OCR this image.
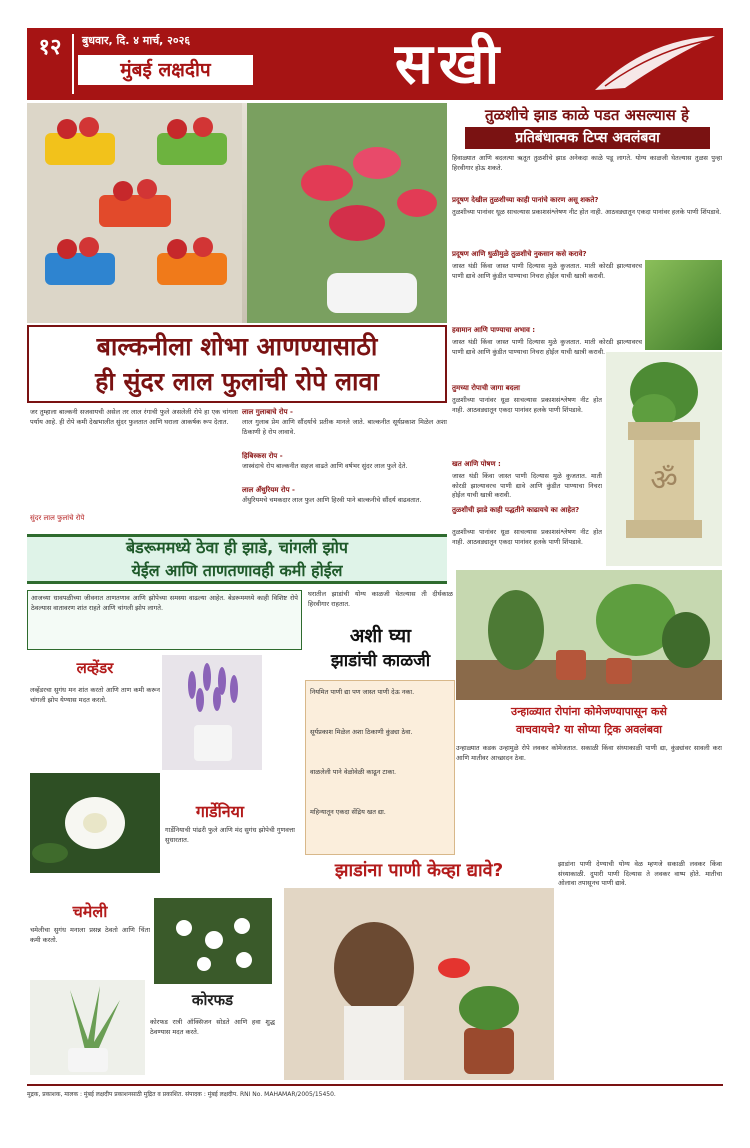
१२	बुधवार, दि. ४ मार्च, २०२६
मुंबई लक्षदीप	सखी
बाल्कनीला शोभा आणण्यासाठी
ही सुंदर लाल फुलांची रोपे लावा
जर तुम्हाला बाल्कनी सजवायची असेल तर लाल रंगाची फुले असलेली रोपे हा एक चांगला पर्याय आहे. ही रोपे कमी देखभालीत सुंदर फुलतात आणि घराला आकर्षक रूप देतात.
सुंदर लाल फुलांचे रोपे
लाल गुलाबाचे रोप -
लाल गुलाब प्रेम आणि सौंदर्याचे प्रतीक मानले जाते. बाल्कनीत सूर्यप्रकाश मिळेल अशा ठिकाणी हे रोप लावावे.
हिबिस्कस रोप -
जास्वंदाचे रोप बाल्कनीत सहज वाढते आणि वर्षभर सुंदर लाल फुले देते.
लाल अँथुरियम रोप -
अँथुरियमचे चमकदार लाल फुल आणि हिरवी पाने बाल्कनीचे सौंदर्य वाढवतात.
तुळशीचे झाड काळे पडत असल्यास हे
प्रतिबंधात्मक टिप्स अवलंबवा
हिवाळ्यात आणि बदलत्या ऋतूत तुळशीचे झाड अनेकदा काळे पडू लागते. योग्य काळजी घेतल्यास तुळस पुन्हा हिरवीगार होऊ शकते.
प्रदूषण देखील तुळशीच्या काही पानांचे कारण असू शकते?
तुळशीच्या पानांवर धूळ साचल्यास प्रकाशसंश्लेषण नीट होत नाही. आठवड्यातून एकदा पानांवर हलके पाणी शिंपडावे.
प्रदूषण आणि धुळीमुळे तुळशीचे नुकसान कसे करावे?
जास्त थंडी किंवा जास्त पाणी दिल्यास मुळे कुजतात. माती कोरडी झाल्यावरच पाणी द्यावे आणि कुंडीत पाण्याचा निचरा होईल याची खात्री करावी.
हवामान आणि पाण्याचा अभाव :
जास्त थंडी किंवा जास्त पाणी दिल्यास मुळे कुजतात. माती कोरडी झाल्यावरच पाणी द्यावे आणि कुंडीत पाण्याचा निचरा होईल याची खात्री करावी.
तुमच्या रोपाची जागा बदला
तुळशीच्या पानांवर धूळ साचल्यास प्रकाशसंश्लेषण नीट होत नाही. आठवड्यातून एकदा पानांवर हलके पाणी शिंपडावे.
खत आणि पोषण :
जास्त थंडी किंवा जास्त पाणी दिल्यास मुळे कुजतात. माती कोरडी झाल्यावरच पाणी द्यावे आणि कुंडीत पाण्याचा निचरा होईल याची खात्री करावी.
तुळशीची झाडे काही पद्धतीने काढायचे का आहेत?
तुळशीच्या पानांवर धूळ साचल्यास प्रकाशसंश्लेषण नीट होत नाही. आठवड्यातून एकदा पानांवर हलके पाणी शिंपडावे.
ॐ
बेडरूममध्ये ठेवा ही झाडे, चांगली झोप
येईल आणि ताणतणावही कमी होईल
आजच्या धावपळीच्या जीवनात ताणतणाव आणि झोपेच्या समस्या वाढल्या आहेत. बेडरूममध्ये काही विशिष्ट रोपे ठेवल्यास वातावरण शांत राहते आणि चांगली झोप लागते.
लव्हेंडर
लव्हेंडरचा सुगंध मन शांत करतो आणि ताण कमी करून चांगली झोप येण्यास मदत करतो.
गार्डेनिया
गार्डेनियाची पांढरी फुले आणि मंद सुगंध झोपेची गुणवत्ता सुधारतात.
चमेली
चमेलीचा सुगंध मनाला प्रसन्न ठेवतो आणि चिंता कमी करतो.
कोरफड
कोरफड रात्री ऑक्सिजन सोडते आणि हवा शुद्ध ठेवण्यास मदत करते.
घरातील झाडांची योग्य काळजी घेतल्यास ती दीर्घकाळ हिरवीगार राहतात.
अशी घ्या
झाडांची काळजी
नियमित पाणी द्या पण जास्त पाणी देऊ नका.
सूर्यप्रकाश मिळेल अशा ठिकाणी कुंड्या ठेवा.
वाळलेली पाने वेळोवेळी काढून टाका.
महिन्यातून एकदा सेंद्रिय खत द्या.
उन्हाळ्यात रोपांना कोमेजण्यापासून कसे
वाचवायचे? या सोप्या ट्रिक अवलंबवा
उन्हाळ्यात कडक उन्हामुळे रोपे लवकर कोमेजतात. सकाळी किंवा संध्याकाळी पाणी द्या, कुंड्यांवर सावली करा आणि मातीवर आच्छादन ठेवा.
झाडांना पाणी केव्हा द्यावे?	झाडांना पाणी देण्याची योग्य वेळ म्हणजे सकाळी लवकर किंवा संध्याकाळी. दुपारी पाणी दिल्यास ते लवकर वाष्प होते. मातीचा ओलावा तपासूनच पाणी द्यावे.
मुद्रक, प्रकाशक, मालक : मुंबई लक्षदीप प्रकाशनसाठी मुद्रित व प्रकाशित. संपादक : मुंबई लक्षदीप. RNI No. MAHAMAR/2005/15450.
